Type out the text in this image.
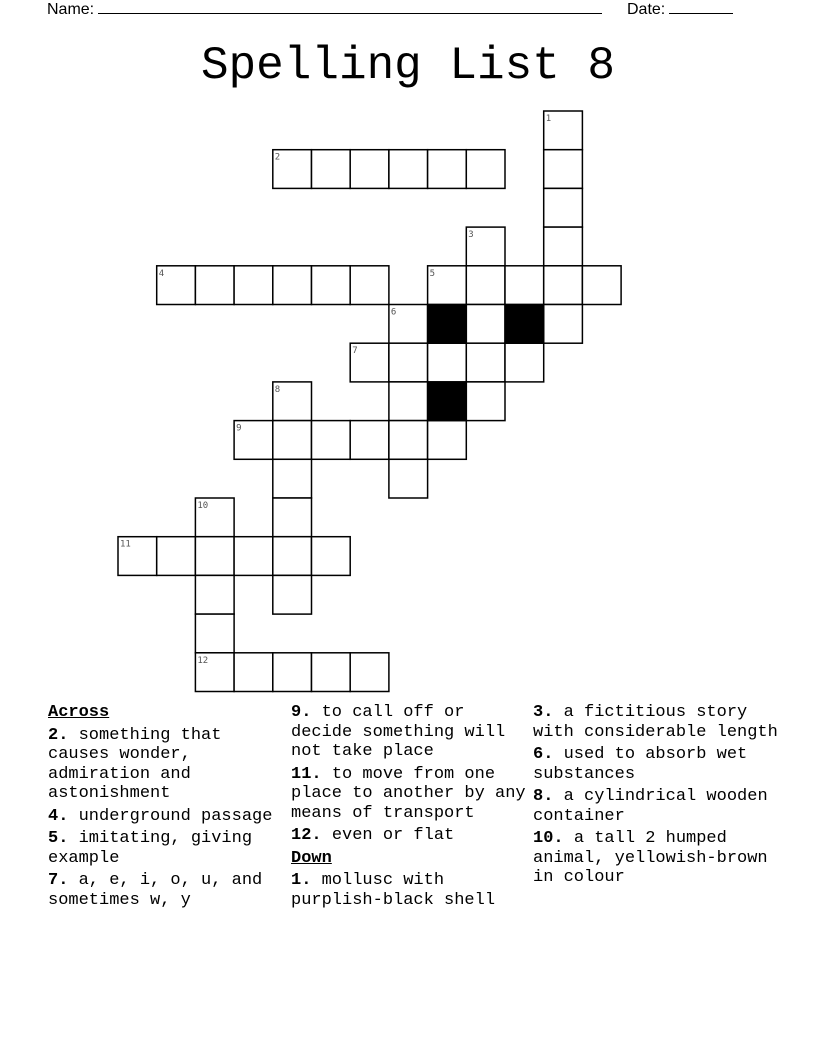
Name:	Date:
Spelling List 8
1
2
3
4	5
6
7
8
9
10
11
12
Across
2. something that causes wonder, admiration and astonishment
4. underground passage
5. imitating, giving example
7. a, e, i, o, u, and sometimes w, y
9. to call off or decide something will not take place
11. to move from one place to another by any means of transport
12. even or flat
Down
1. mollusc with purplish-black shell
3. a fictitious story with considerable length
6. used to absorb wet substances
8. a cylindrical wooden container
10. a tall 2 humped animal, yellowish-brown in colour
